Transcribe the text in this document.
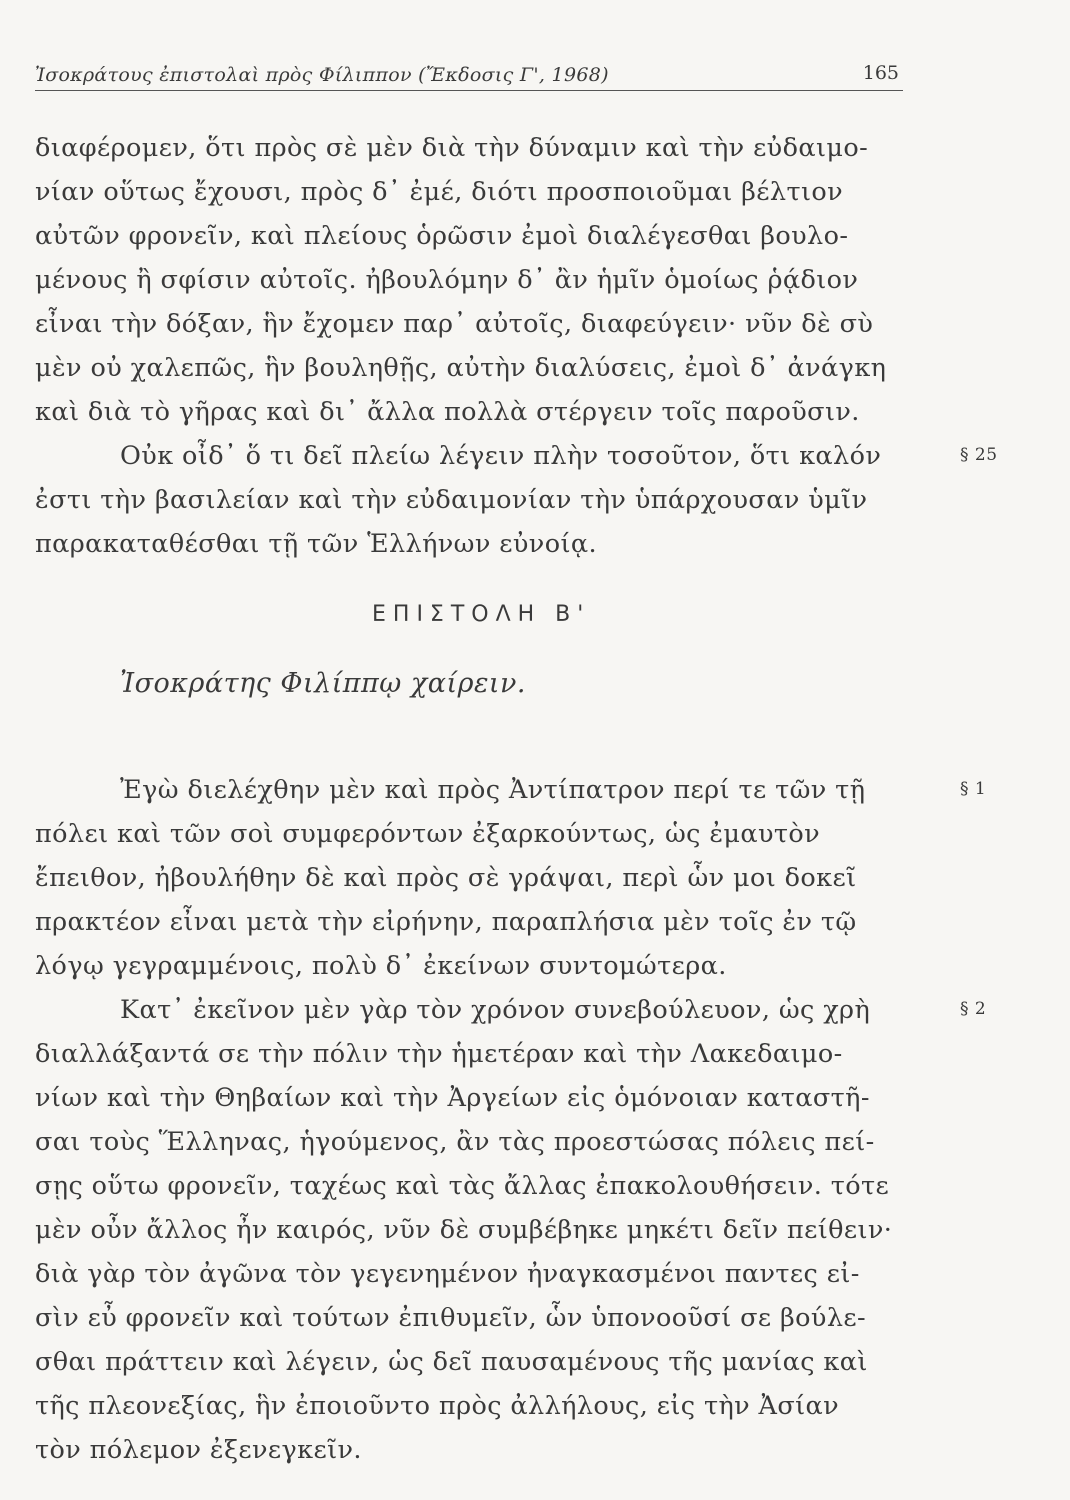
Ἰσοκράτους ἐπιστολαὶ πρὸς Φίλιππον (Ἔκδοσις Γ', 1968)	165
διαφέρομεν, ὅτι πρὸς σὲ μὲν διὰ τὴν δύναμιν καὶ τὴν εὐδαιμο-
νίαν οὕτως ἔχουσι, πρὸς δ᾽ ἐμέ, διότι προσποιοῦμαι βέλτιον
αὐτῶν φρονεῖν, καὶ πλείους ὁρῶσιν ἐμοὶ διαλέγεσθαι βουλο-
μένους ἢ σφίσιν αὐτοῖς. ἠβουλόμην δ᾽ ἂν ἡμῖν ὁμοίως ῥᾴδιον
εἶναι τὴν δόξαν, ἣν ἔχομεν παρ᾽ αὐτοῖς, διαφεύγειν· νῦν δὲ σὺ
μὲν οὐ χαλεπῶς, ἣν βουληθῇς, αὐτὴν διαλύσεις, ἐμοὶ δ᾽ ἀνάγκη
καὶ διὰ τὸ γῆρας καὶ δι᾽ ἄλλα πολλὰ στέργειν τοῖς παροῦσιν.
Οὐκ οἶδ᾽ ὅ τι δεῖ πλείω λέγειν πλὴν τοσοῦτον, ὅτι καλόν	§ 25
ἐστι τὴν βασιλείαν καὶ τὴν εὐδαιμονίαν τὴν ὑπάρχουσαν ὑμῖν
παρακαταθέσθαι τῇ τῶν Ἑλλήνων εὐνοίᾳ.
ΕΠΙΣΤΟΛΗ Β'
Ἰσοκράτης Φιλίππῳ χαίρειν.
Ἐγὼ διελέχθην μὲν καὶ πρὸς Ἀντίπατρον περί τε τῶν τῇ	§ 1
πόλει καὶ τῶν σοὶ συμφερόντων ἐξαρκούντως, ὡς ἐμαυτὸν
ἔπειθον, ἠβουλήθην δὲ καὶ πρὸς σὲ γράψαι, περὶ ὧν μοι δοκεῖ
πρακτέον εἶναι μετὰ τὴν εἰρήνην, παραπλήσια μὲν τοῖς ἐν τῷ
λόγῳ γεγραμμένοις, πολὺ δ᾽ ἐκείνων συντομώτερα.
Κατ᾽ ἐκεῖνον μὲν γὰρ τὸν χρόνον συνεβούλευον, ὡς χρὴ	§ 2
διαλλάξαντά σε τὴν πόλιν τὴν ἡμετέραν καὶ τὴν Λακεδαιμο-
νίων καὶ τὴν Θηβαίων καὶ τὴν Ἀργείων εἰς ὁμόνοιαν καταστῆ-
σαι τοὺς Ἕλληνας, ἡγούμενος, ἂν τὰς προεστώσας πόλεις πεί-
σῃς οὕτω φρονεῖν, ταχέως καὶ τὰς ἄλλας ἐπακολουθήσειν. τότε
μὲν οὖν ἄλλος ἦν καιρός, νῦν δὲ συμβέβηκε μηκέτι δεῖν πείθειν·
διὰ γὰρ τὸν ἀγῶνα τὸν γεγενημένον ἠναγκασμένοι παντες εἰ-
σὶν εὖ φρονεῖν καὶ τούτων ἐπιθυμεῖν, ὧν ὑπονοοῦσί σε βούλε-
σθαι πράττειν καὶ λέγειν, ὡς δεῖ παυσαμένους τῆς μανίας καὶ
τῆς πλεονεξίας, ἣν ἐποιοῦντο πρὸς ἀλλήλους, εἰς τὴν Ἀσίαν
τὸν πόλεμον ἐξενεγκεῖν.
